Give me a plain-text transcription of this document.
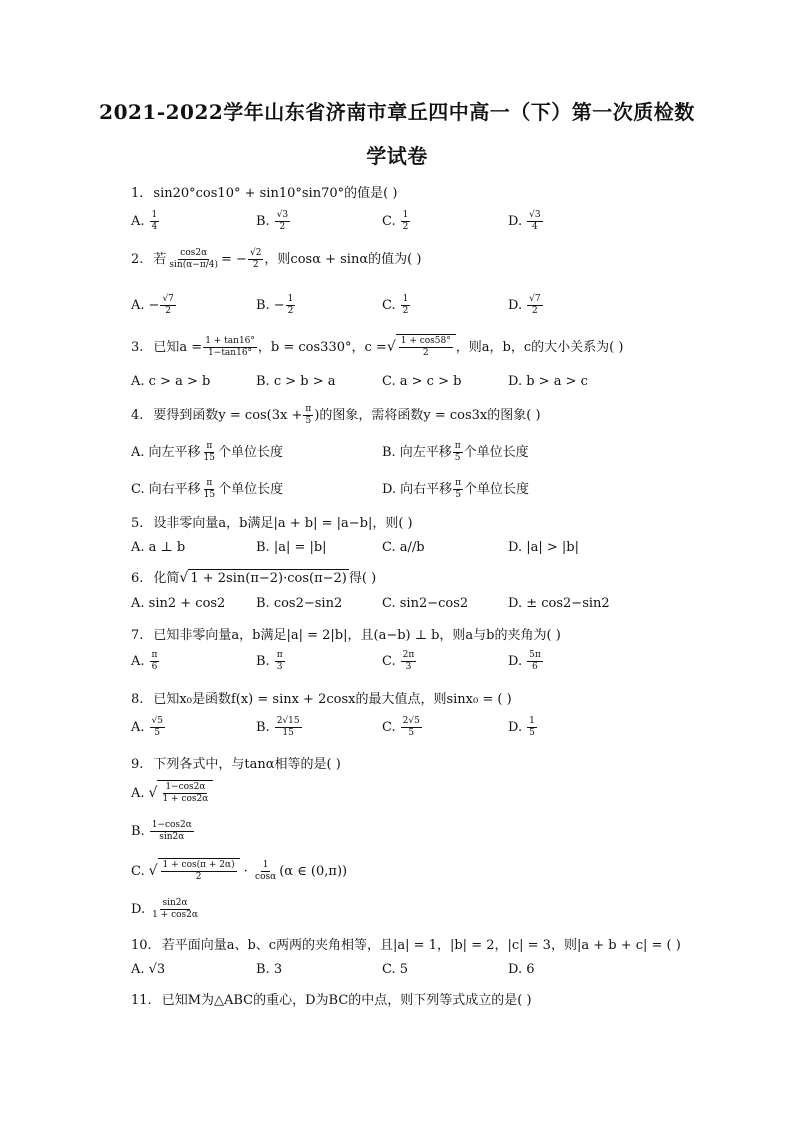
2021-2022学年山东省济南市章丘四中高一（下）第一次质检数
学试卷
1. sin20°cos10° + sin10°sin70°的值是( )
A. $\frac{1}{4}$	B. $\frac{√3}{2}$	C. $\frac{1}{2}$	D. $\frac{√3}{4}$
2. 若 $\frac{\cos 2\alpha}{\sin(\alpha-\pi/4)}$ = − $\frac{√2}{2}$ ，则cosα + sinα的值为( )
A. − $\frac{√7}{2}$	B. − $\frac{1}{2}$	C. $\frac{1}{2}$	D. $\frac{√7}{2}$
3. 已知$a = \frac{1 + \tan 16^\circ}{1-\tan 16^\circ}$ ，b = cos330°，c =√ $\frac{1 + \cos 58^\circ}{2}$ ，则a，b，c的大小关系为( )
A. c > a > b	B. c > b > a	C. a > c > b	D. b > a > c
4. 要得到函数$y = \cos(3x + \frac{\pi}{5}$ )的图象，需将函数y = cos3x的图象( )
A. 向左平移 $\frac{\pi}{15}$ 个单位长度	B. 向左平移 $\frac{\pi}{5}$ 个单位长度
C. 向右平移 $\frac{\pi}{15}$ 个单位长度	D. 向右平移 $\frac{\pi}{5}$ 个单位长度
5. 设非零向量a，b满足|a + b| = |a−b|，则( )
A. a ⊥ b	B. |a| = |b|	C. a//b	D. |a| > |b|
6. 化简√ 1 + 2sin(π−2)·cos(π−2) 得( )
A. sin2 + cos2 B. cos2−sin2	C. sin2−cos2	D. ± cos2−sin2
7. 已知非零向量a，b满足|a| = 2|b|，且(a−b) ⊥ b，则a与b的夹角为( )
A. $\frac{\pi}{6}$	B. $\frac{\pi}{3}$	C. $\frac{2\pi}{3}$	D. $\frac{5\pi}{6}$
8. 已知x₀是函数f(x) = sinx + 2cosx的最大值点，则sinx₀ = ( )
A. $\frac{√5}{5}$	B. $\frac{2√15}{15}$	C. $\frac{2√5}{5}$	D. $\frac{1}{5}$
9. 下列各式中，与tanα相等的是( )
A. √ $\frac{1-\cos 2\alpha}{1 + \cos 2\alpha}$
B. $\frac{1-\cos 2\alpha}{\sin 2\alpha}$
C. √ $\frac{1 + \cos(\pi + 2\alpha)}{2} \cdot \frac{1}{\cos\alpha} (\alpha$ ∈ (0,π))
D. $\frac{\sin 2\alpha}{1 + \cos 2\alpha}$
10. 若平面向量a、b、c两两的夹角相等，且|a| = 1，|b| = 2，|c| = 3，则|a + b + c| = ( )
A. √3	B. 3	C. 5	D. 6
11. 已知M为△ABC的重心，D为BC的中点，则下列等式成立的是( )
